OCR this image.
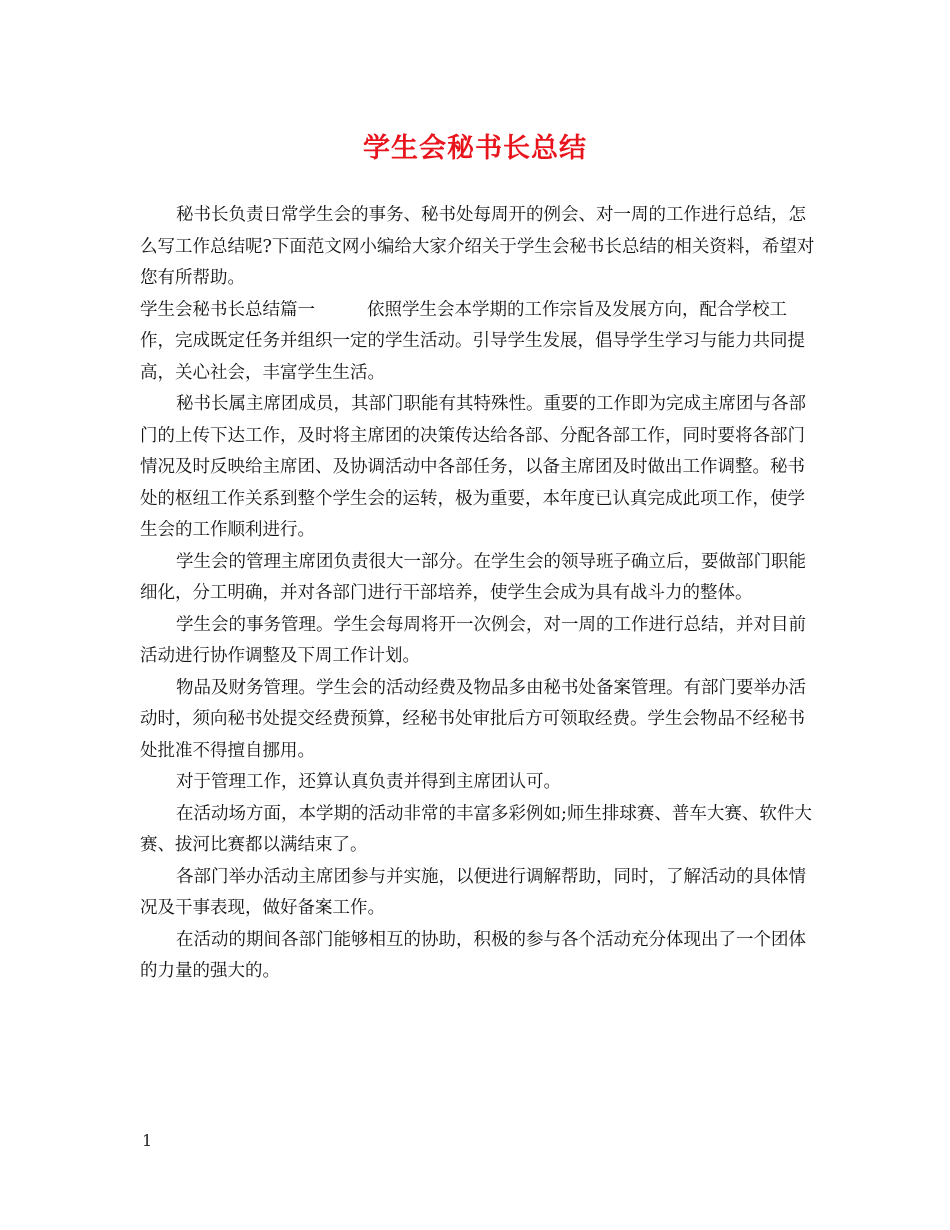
学生会秘书长总结

秘书长负责日常学生会的事务、秘书处每周开的例会、对一周的工作进行总结，怎么写工作总结呢?下面范文网小编给大家介绍关于学生会秘书长总结的相关资料，希望对您有所帮助。

学生会秘书长总结篇一	依照学生会本学期的工作宗旨及发展方向，配合学校工作，完成既定任务并组织一定的学生活动。引导学生发展，倡导学生学习与能力共同提高，关心社会，丰富学生生活。

秘书长属主席团成员，其部门职能有其特殊性。重要的工作即为完成主席团与各部门的上传下达工作，及时将主席团的决策传达给各部、分配各部工作，同时要将各部门情况及时反映给主席团、及协调活动中各部任务，以备主席团及时做出工作调整。秘书处的枢纽工作关系到整个学生会的运转，极为重要，本年度已认真完成此项工作，使学生会的工作顺利进行。

学生会的管理主席团负责很大一部分。在学生会的领导班子确立后，要做部门职能细化，分工明确，并对各部门进行干部培养，使学生会成为具有战斗力的整体。

学生会的事务管理。学生会每周将开一次例会，对一周的工作进行总结，并对目前活动进行协作调整及下周工作计划。

物品及财务管理。学生会的活动经费及物品多由秘书处备案管理。有部门要举办活动时，须向秘书处提交经费预算，经秘书处审批后方可领取经费。学生会物品不经秘书处批准不得擅自挪用。

对于管理工作，还算认真负责并得到主席团认可。

在活动场方面，本学期的活动非常的丰富多彩例如;师生排球赛、普车大赛、软件大赛、拔河比赛都以满结束了。

各部门举办活动主席团参与并实施，以便进行调解帮助，同时，了解活动的具体情况及干事表现，做好备案工作。

在活动的期间各部门能够相互的协助，积极的参与各个活动充分体现出了一个团体的力量的强大的。

1
